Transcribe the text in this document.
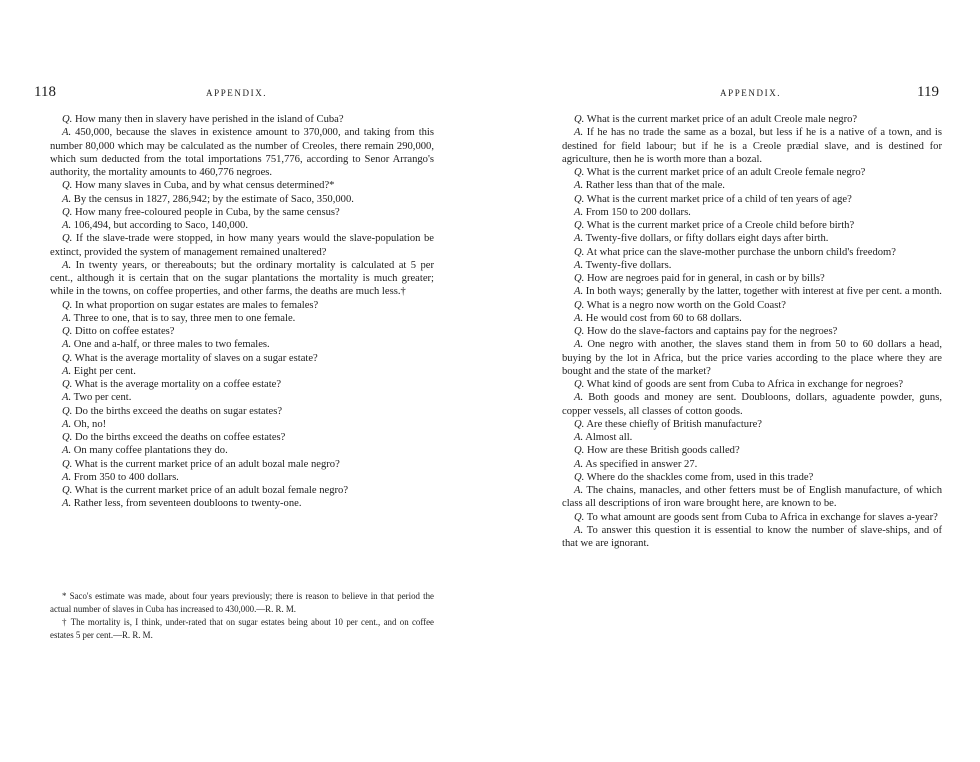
118	APPENDIX.

Q. How many then in slavery have perished in the island of Cuba?

A. 450,000, because the slaves in existence amount to 370,000, and taking from this number 80,000 which may be calculated as the number of Creoles, there remain 290,000, which sum deducted from the total importations 751,776, according to Senor Arrango's authority, the mortality amounts to 460,776 negroes.

Q. How many slaves in Cuba, and by what census determined?*

A. By the census in 1827, 286,942; by the estimate of Saco, 350,000.

Q. How many free-coloured people in Cuba, by the same census?

A. 106,494, but according to Saco, 140,000.

Q. If the slave-trade were stopped, in how many years would the slave-population be extinct, provided the system of management remained unaltered?

A. In twenty years, or thereabouts; but the ordinary mortality is calculated at 5 per cent., although it is certain that on the sugar plantations the mortality is much greater; while in the towns, on coffee properties, and other farms, the deaths are much less.†

Q. In what proportion on sugar estates are males to females?

A. Three to one, that is to say, three men to one female.

Q. Ditto on coffee estates?

A. One and a-half, or three males to two females.

Q. What is the average mortality of slaves on a sugar estate?

A. Eight per cent.

Q. What is the average mortality on a coffee estate?

A. Two per cent.

Q. Do the births exceed the deaths on sugar estates?

A. Oh, no!

Q. Do the births exceed the deaths on coffee estates?

A. On many coffee plantations they do.

Q. What is the current market price of an adult bozal male negro?

A. From 350 to 400 dollars.

Q. What is the current market price of an adult bozal female negro?

A. Rather less, from seventeen doubloons to twenty-one.

* Saco's estimate was made, about four years previously; there is reason to believe in that period the actual number of slaves in Cuba has increased to 430,000.—R. R. M.

† The mortality is, I think, under-rated that on sugar estates being about 10 per cent., and on coffee estates 5 per cent.—R. R. M.

APPENDIX.	119

Q. What is the current market price of an adult Creole male negro?

A. If he has no trade the same as a bozal, but less if he is a native of a town, and is destined for field labour; but if he is a Creole prædial slave, and is destined for agriculture, then he is worth more than a bozal.

Q. What is the current market price of an adult Creole female negro?

A. Rather less than that of the male.

Q. What is the current market price of a child of ten years of age?

A. From 150 to 200 dollars.

Q. What is the current market price of a Creole child before birth?

A. Twenty-five dollars, or fifty dollars eight days after birth.

Q. At what price can the slave-mother purchase the unborn child's freedom?

A. Twenty-five dollars.

Q. How are negroes paid for in general, in cash or by bills?

A. In both ways; generally by the latter, together with interest at five per cent. a month.

Q. What is a negro now worth on the Gold Coast?

A. He would cost from 60 to 68 dollars.

Q. How do the slave-factors and captains pay for the negroes?

A. One negro with another, the slaves stand them in from 50 to 60 dollars a head, buying by the lot in Africa, but the price varies according to the place where they are bought and the state of the market?

Q. What kind of goods are sent from Cuba to Africa in exchange for negroes?

A. Both goods and money are sent. Doubloons, dollars, aguadente powder, guns, copper vessels, all classes of cotton goods.

Q. Are these chiefly of British manufacture?

A. Almost all.

Q. How are these British goods called?

A. As specified in answer 27.

Q. Where do the shackles come from, used in this trade?

A. The chains, manacles, and other fetters must be of English manufacture, of which class all descriptions of iron ware brought here, are known to be.

Q. To what amount are goods sent from Cuba to Africa in exchange for slaves a-year?

A. To answer this question it is essential to know the number of slave-ships, and of that we are ignorant.
